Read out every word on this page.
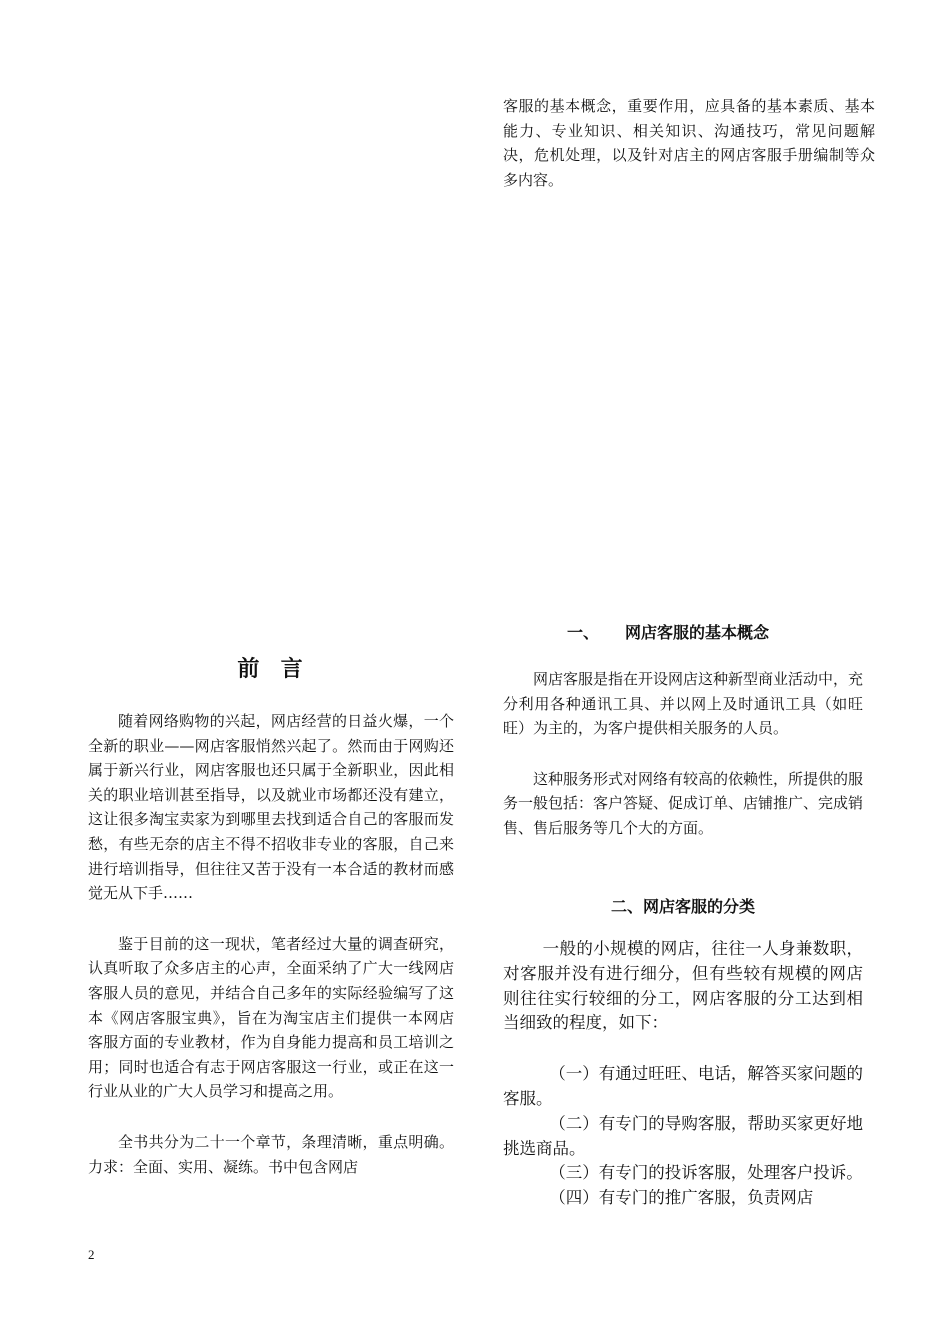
客服的基本概念，重要作用，应具备的基本素质、基本能力、专业知识、相关知识、沟通技巧，常见问题解决，危机处理，以及针对店主的网店客服手册编制等众多内容。

前  言

随着网络购物的兴起，网店经营的日益火爆，一个全新的职业——网店客服悄然兴起了。然而由于网购还属于新兴行业，网店客服也还只属于全新职业，因此相关的职业培训甚至指导，以及就业市场都还没有建立，这让很多淘宝卖家为到哪里去找到适合自己的客服而发愁，有些无奈的店主不得不招收非专业的客服，自己来进行培训指导，但往往又苦于没有一本合适的教材而感觉无从下手……

鉴于目前的这一现状，笔者经过大量的调查研究，认真听取了众多店主的心声，全面采纳了广大一线网店客服人员的意见，并结合自己多年的实际经验编写了这本《网店客服宝典》，旨在为淘宝店主们提供一本网店客服方面的专业教材，作为自身能力提高和员工培训之用；同时也适合有志于网店客服这一行业，或正在这一行业从业的广大人员学习和提高之用。

全书共分为二十一个章节，条理清晰，重点明确。力求：全面、实用、凝练。书中包含网店

一、 网店客服的基本概念

网店客服是指在开设网店这种新型商业活动中，充分利用各种通讯工具、并以网上及时通讯工具（如旺旺）为主的，为客户提供相关服务的人员。

这种服务形式对网络有较高的依赖性，所提供的服务一般包括：客户答疑、促成订单、店铺推广、完成销售、售后服务等几个大的方面。

二、网店客服的分类

一般的小规模的网店，往往一人身兼数职，对客服并没有进行细分，但有些较有规模的网店则往往实行较细的分工，网店客服的分工达到相当细致的程度，如下：

（一）有通过旺旺、电话，解答买家问题的客服。

（二）有专门的导购客服，帮助买家更好地挑选商品。

（三）有专门的投诉客服，处理客户投诉。

（四）有专门的推广客服，负责网店

2
